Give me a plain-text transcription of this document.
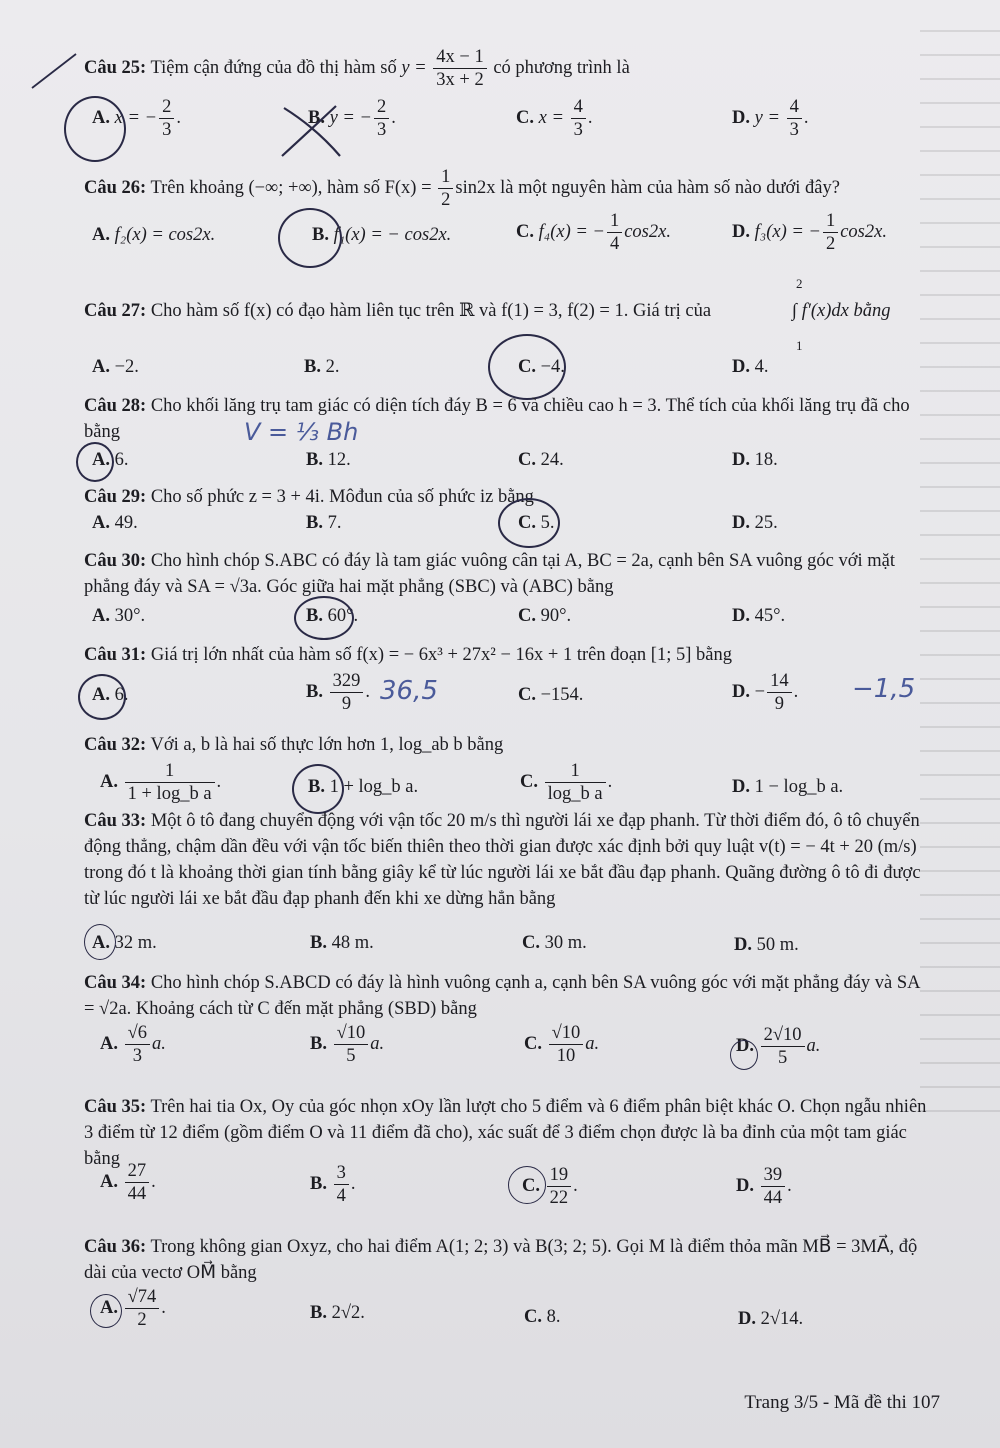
Câu 25: Tiệm cận đứng của đồ thị hàm số $y = \frac{4x - 1}{3x + 2}$ có phương trình là
A. x = − $\frac{2}{3}$ .	B. y = − $\frac{2}{3}$ .	C. $x = \frac{4}{3}$ .	D. $y = \frac{4}{3}$ .
Câu 26: Trên khoảng (−∞; +∞), hàm số $F(x) = \frac{1}{2} \sin 2x$ là một nguyên hàm của hàm số nào dưới đây?
A. f₂(x) = cos2x.	B. f₁(x) = − cos2x.	C. f₄(x) = − $\frac{1}{4} \cos 2x$.	D. f₃(x) = − $\frac{1}{2} \cos 2x$.
Câu 27: Cho hàm số f(x) có đạo hàm liên tục trên ℝ và f(1) = 3, f(2) = 1. Giá trị của
2
1
∫ f′(x)dx bằng
A. −2.	B. 2.	C. −4.	D. 4.
Câu 28: Cho khối lăng trụ tam giác có diện tích đáy B = 6 và chiều cao h = 3. Thể tích của khối lăng trụ đã cho bằng	V = ⅓ Bh
A. 6.	B. 12.	C. 24.	D. 18.
Câu 29: Cho số phức z = 3 + 4i. Môđun của số phức iz bằng
A. 49.	B. 7.	C. 5.	D. 25.
Câu 30: Cho hình chóp S.ABC có đáy là tam giác vuông cân tại A, BC = 2a, cạnh bên SA vuông góc với mặt phẳng đáy và SA = √3a. Góc giữa hai mặt phẳng (SBC) và (ABC) bằng
A. 30°.	B. 60°.	C. 90°.	D. 45°.
Câu 31: Giá trị lớn nhất của hàm số f(x) = − 6x³ + 27x² − 16x + 1 trên đoạn [1; 5] bằng
A. 6.	B. $\frac{329}{9}$ . 36,5	C. −154.	D. − $\frac{14}{9}$ . −1,5
Câu 32: Với a, b là hai số thực lớn hơn 1, log_ab b bằng
A. $\frac{1}{\text{1 + log\_b a}}$ .	B. 1 + log_b a.	C. $\frac{1}{\text{log\_b a}}$ .	D. 1 − log_b a.
Câu 33: Một ô tô đang chuyển động với vận tốc 20 m/s thì người lái xe đạp phanh. Từ thời điểm đó, ô tô chuyển động thẳng, chậm dần đều với vận tốc biến thiên theo thời gian được xác định bởi quy luật v(t) = − 4t + 20 (m/s) trong đó t là khoảng thời gian tính bằng giây kể từ lúc người lái xe bắt đầu đạp phanh. Quãng đường ô tô đi được từ lúc người lái xe bắt đầu đạp phanh đến khi xe dừng hẳn bằng
A. 32 m.	B. 48 m.	C. 30 m.	D. 50 m.
Câu 34: Cho hình chóp S.ABCD có đáy là hình vuông cạnh a, cạnh bên SA vuông góc với mặt phẳng đáy và SA = √2a. Khoảng cách từ C đến mặt phẳng (SBD) bằng
A. $\frac{√6}{3} a$.	B. $\frac{√10}{5} a$.	C. $\frac{√10}{10} a$.	D. $\frac{2√10}{5} a$.
Câu 35: Trên hai tia Ox, Oy của góc nhọn xOy lần lượt cho 5 điểm và 6 điểm phân biệt khác O. Chọn ngẫu nhiên 3 điểm từ 12 điểm (gồm điểm O và 11 điểm đã cho), xác suất để 3 điểm chọn được là ba đỉnh của một tam giác bằng
A. $\frac{27}{44}$ .	B. $\frac{3}{4}$ .	C. $\frac{19}{22}$ .	D. $\frac{39}{44}$ .
Câu 36: Trong không gian Oxyz, cho hai điểm A(1; 2; 3) và B(3; 2; 5). Gọi M là điểm thỏa mãn MB⃗ = 3MA⃗, độ dài của vectơ OM⃗ bằng
A. $\frac{√74}{2}$ .	B. 2√2.	C. 8.	D. 2√14.
Trang 3/5 - Mã đề thi 107
